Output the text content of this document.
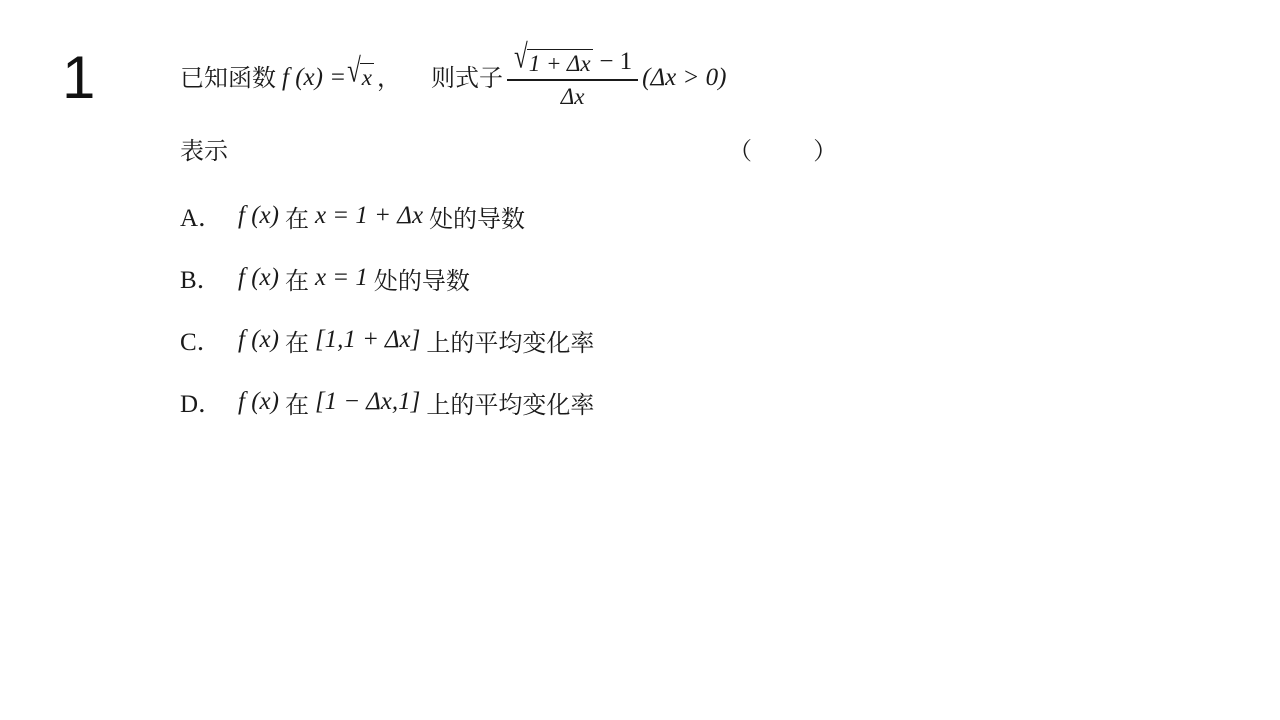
1	已知函数 f (x) = √ x ， 则式子 $\frac{√ 1 + \Delta x - 1}{\Delta x} (\Delta x > 0)$
表示	（	）
A． f (x) 在 x = 1 + Δx 处的导数
B． f (x) 在 x = 1 处的导数
C． f (x) 在 [1,1 + Δx] 上的平均变化率
D． f (x) 在 [1 − Δx,1] 上的平均变化率
